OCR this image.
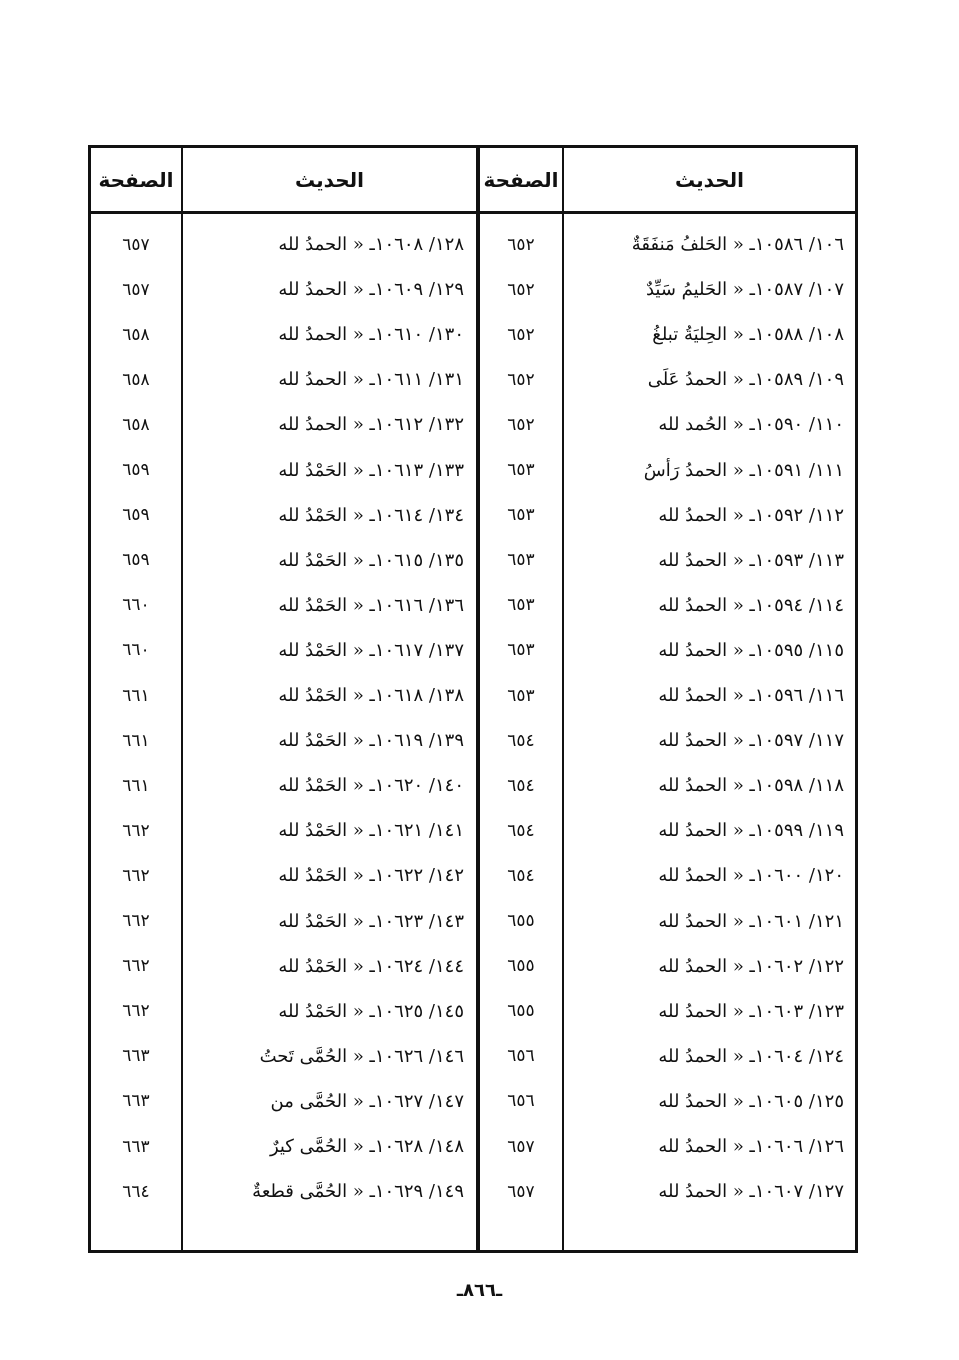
الحديث
الصفحة
الحديث
الصفحة
١٠٦/ ١٠٥٨٦ـ « الحَلفُ مَنفَقَةٌ
٦٥٢
١٢٨/ ١٠٦٠٨ـ « الحمدُ لله
٦٥٧
١٠٧/ ١٠٥٨٧ـ « الحَليمُ سَيِّدٌ
٦٥٢
١٢٩/ ١٠٦٠٩ـ « الحمدُ لله
٦٥٧
١٠٨/ ١٠٥٨٨ـ « الحِليَةُ تبلغُ
٦٥٢
١٣٠/ ١٠٦١٠ـ « الحمدُ لله
٦٥٨
١٠٩/ ١٠٥٨٩ـ « الحمدُ عَلَى
٦٥٢
١٣١/ ١٠٦١١ـ « الحمدُ لله
٦٥٨
١١٠/ ١٠٥٩٠ـ « الحُمد لله
٦٥٢
١٣٢/ ١٠٦١٢ـ « الحمدُ لله
٦٥٨
١١١/ ١٠٥٩١ـ « الحمدُ رَأسُ
٦٥٣
١٣٣/ ١٠٦١٣ـ « الحَمْدُ لله
٦٥٩
١١٢/ ١٠٥٩٢ـ « الحمدُ لله
٦٥٣
١٣٤/ ١٠٦١٤ـ « الحَمْدُ لله
٦٥٩
١١٣/ ١٠٥٩٣ـ « الحمدُ لله
٦٥٣
١٣٥/ ١٠٦١٥ـ « الحَمْدُ لله
٦٥٩
١١٤/ ١٠٥٩٤ـ « الحمدُ لله
٦٥٣
١٣٦/ ١٠٦١٦ـ « الحَمْدُ لله
٦٦٠
١١٥/ ١٠٥٩٥ـ « الحمدُ لله
٦٥٣
١٣٧/ ١٠٦١٧ـ « الحَمْدُ لله
٦٦٠
١١٦/ ١٠٥٩٦ـ « الحمدُ لله
٦٥٣
١٣٨/ ١٠٦١٨ـ « الحَمْدُ لله
٦٦١
١١٧/ ١٠٥٩٧ـ « الحمدُ لله
٦٥٤
١٣٩/ ١٠٦١٩ـ « الحَمْدُ لله
٦٦١
١١٨/ ١٠٥٩٨ـ « الحمدُ لله
٦٥٤
١٤٠/ ١٠٦٢٠ـ « الحَمْدُ لله
٦٦١
١١٩/ ١٠٥٩٩ـ « الحمدُ لله
٦٥٤
١٤١/ ١٠٦٢١ـ « الحَمْدُ لله
٦٦٢
١٢٠/ ١٠٦٠٠ـ « الحمدُ لله
٦٥٤
١٤٢/ ١٠٦٢٢ـ « الحَمْدُ لله
٦٦٢
١٢١/ ١٠٦٠١ـ « الحمدُ لله
٦٥٥
١٤٣/ ١٠٦٢٣ـ « الحَمْدُ لله
٦٦٢
١٢٢/ ١٠٦٠٢ـ « الحمدُ لله
٦٥٥
١٤٤/ ١٠٦٢٤ـ « الحَمْدُ لله
٦٦٢
١٢٣/ ١٠٦٠٣ـ « الحمدُ لله
٦٥٥
١٤٥/ ١٠٦٢٥ـ « الحَمْدُ لله
٦٦٢
١٢٤/ ١٠٦٠٤ـ « الحمدُ لله
٦٥٦
١٤٦/ ١٠٦٢٦ـ « الحُمَّى تَحتُ
٦٦٣
١٢٥/ ١٠٦٠٥ـ « الحمدُ لله
٦٥٦
١٤٧/ ١٠٦٢٧ـ « الحُمَّى من
٦٦٣
١٢٦/ ١٠٦٠٦ـ « الحمدُ لله
٦٥٧
١٤٨/ ١٠٦٢٨ـ « الحُمَّى كيرٌ
٦٦٣
١٢٧/ ١٠٦٠٧ـ « الحمدُ لله
٦٥٧
١٤٩/ ١٠٦٢٩ـ « الحُمَّى قطعةٌ
٦٦٤
ـ٨٦٦ـ
